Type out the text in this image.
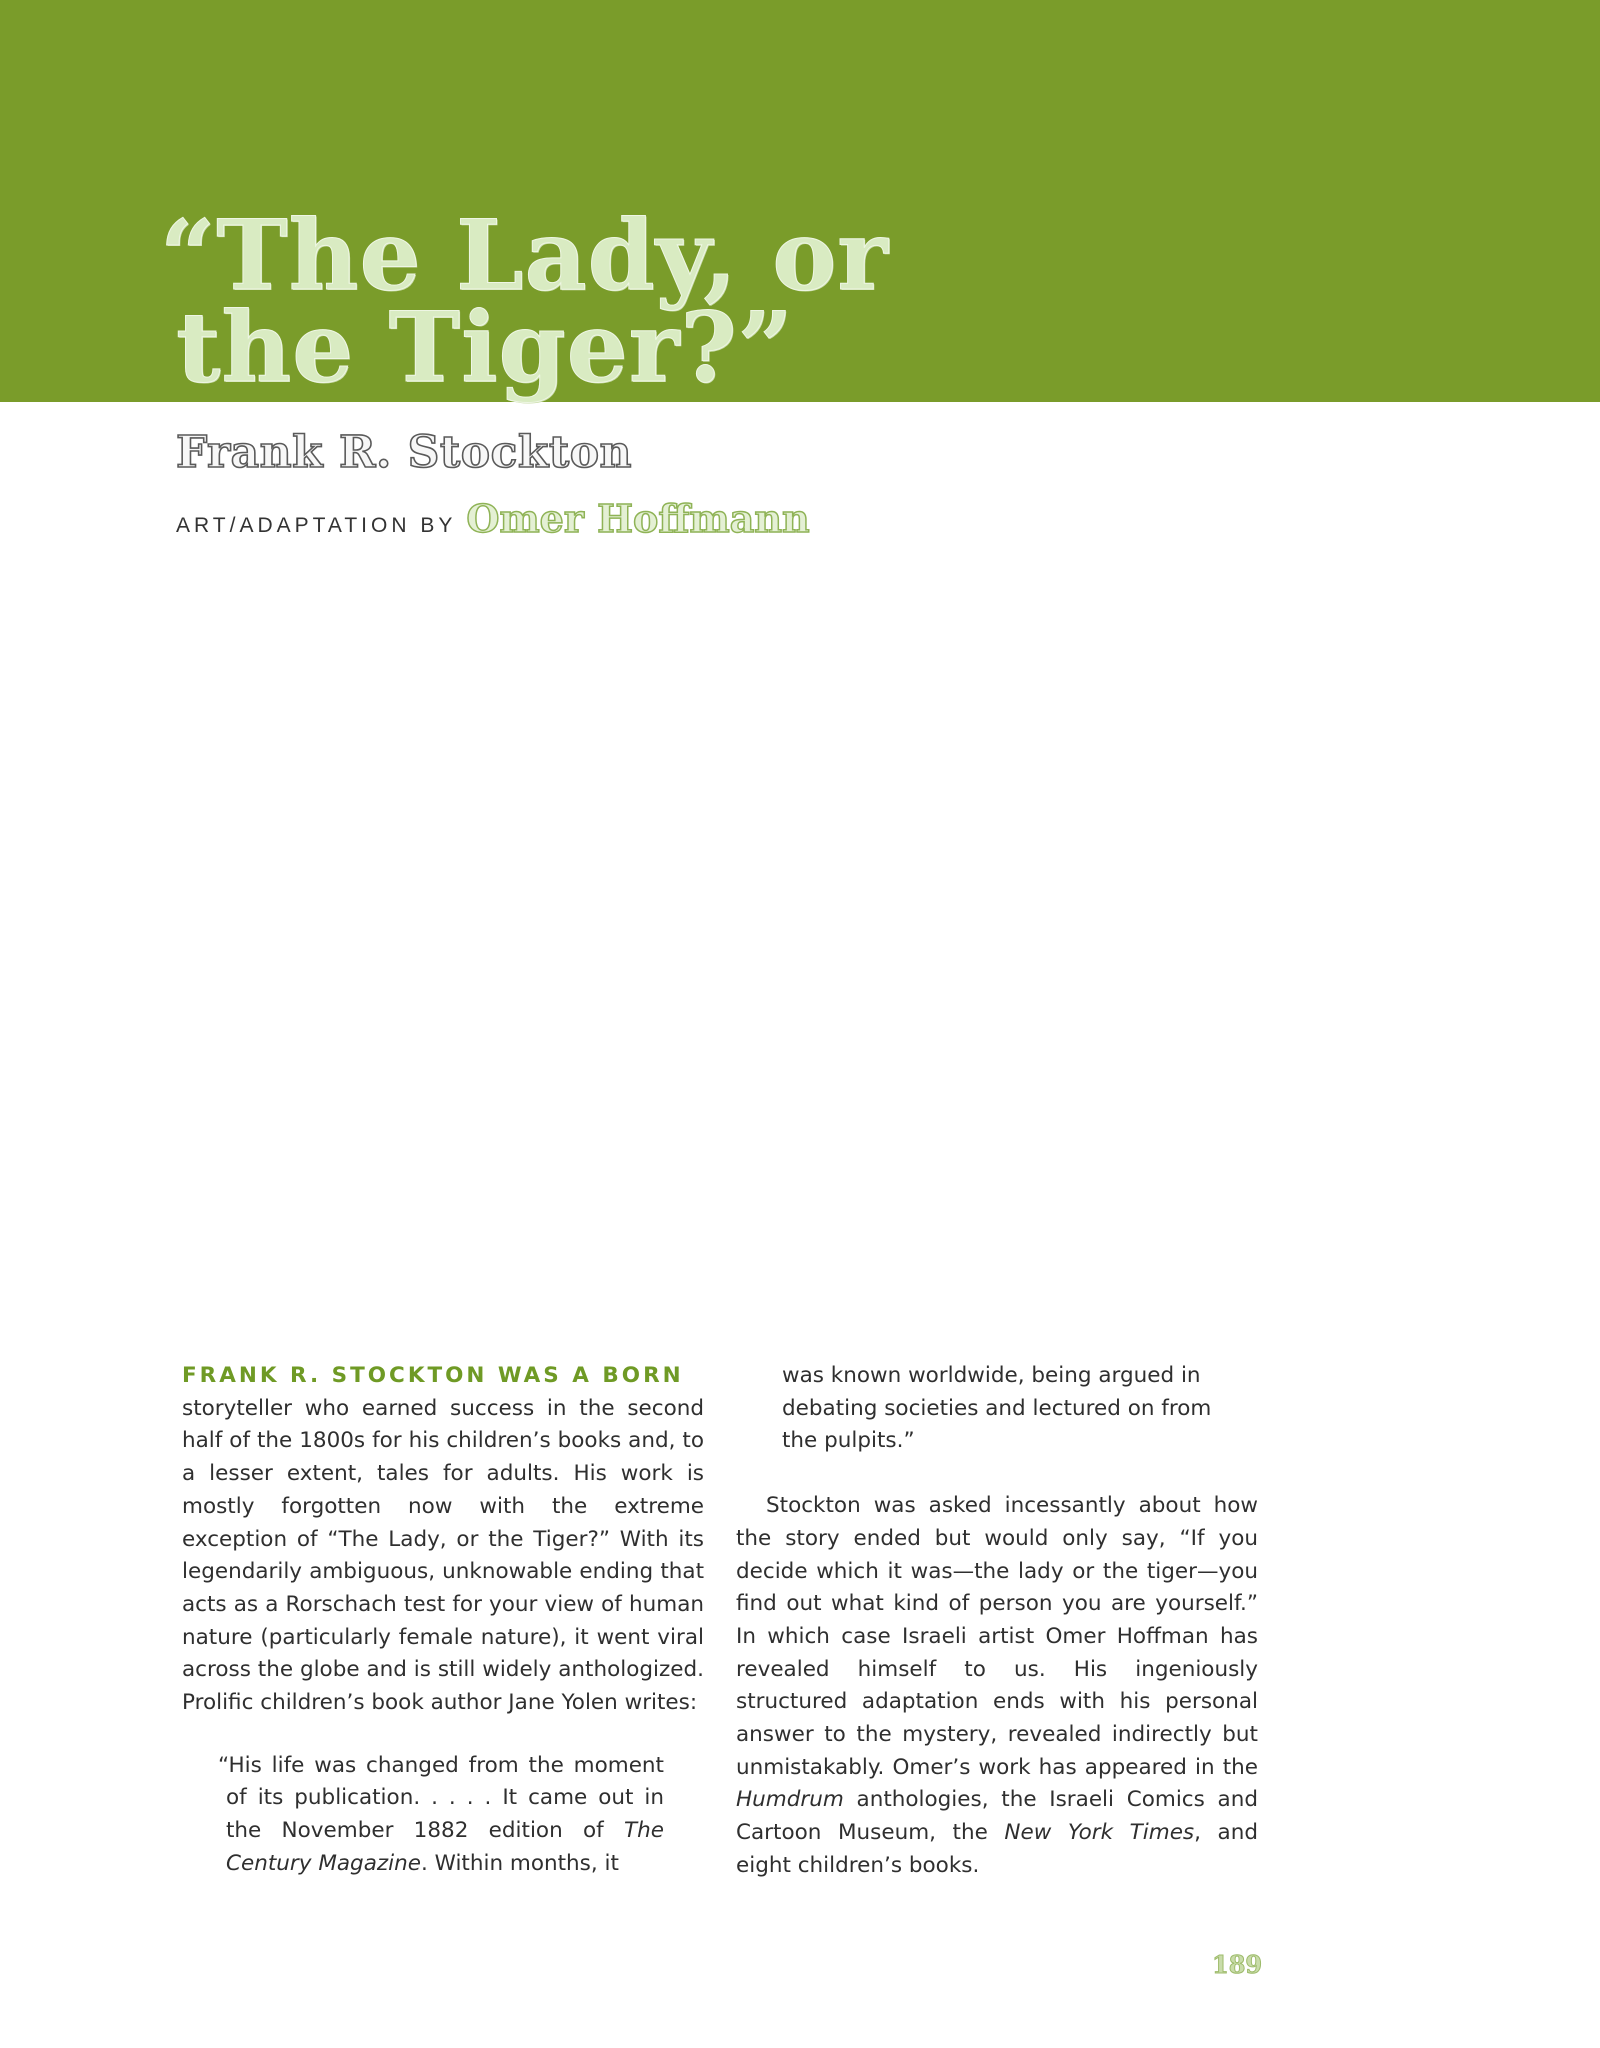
“The Lady, or
the Tiger?”
Frank R. Stockton
ART/ADAPTATION BY Omer Hoffmann

FRANK R. STOCKTON WAS A BORN

storyteller who earned success in the second half of the 1800s for his children’s books and, to a lesser extent, tales for adults. His work is mostly forgotten now with the extreme exception of “The Lady, or the Tiger?” With its legendarily ambiguous, unknowable ending that acts as a Rorschach test for your view of human nature (particularly female nature), it went viral across the globe and is still widely anthologized. Prolific children’s book author Jane Yolen writes:

“His life was changed from the moment of its publication. . . . . It came out in the November 1882 edition of The Century Magazine. Within months, it

was known worldwide, being argued in debating societies and lectured on from the pulpits.”

Stockton was asked incessantly about how the story ended but would only say, “If you decide which it was—the lady or the tiger—you find out what kind of person you are yourself.” In which case Israeli artist Omer Hoffman has revealed himself to us. His ingeniously structured adaptation ends with his personal answer to the mystery, revealed indirectly but unmistakably. Omer’s work has appeared in the Humdrum anthologies, the Israeli Comics and Cartoon Museum, the New York Times, and eight children’s books.

189
